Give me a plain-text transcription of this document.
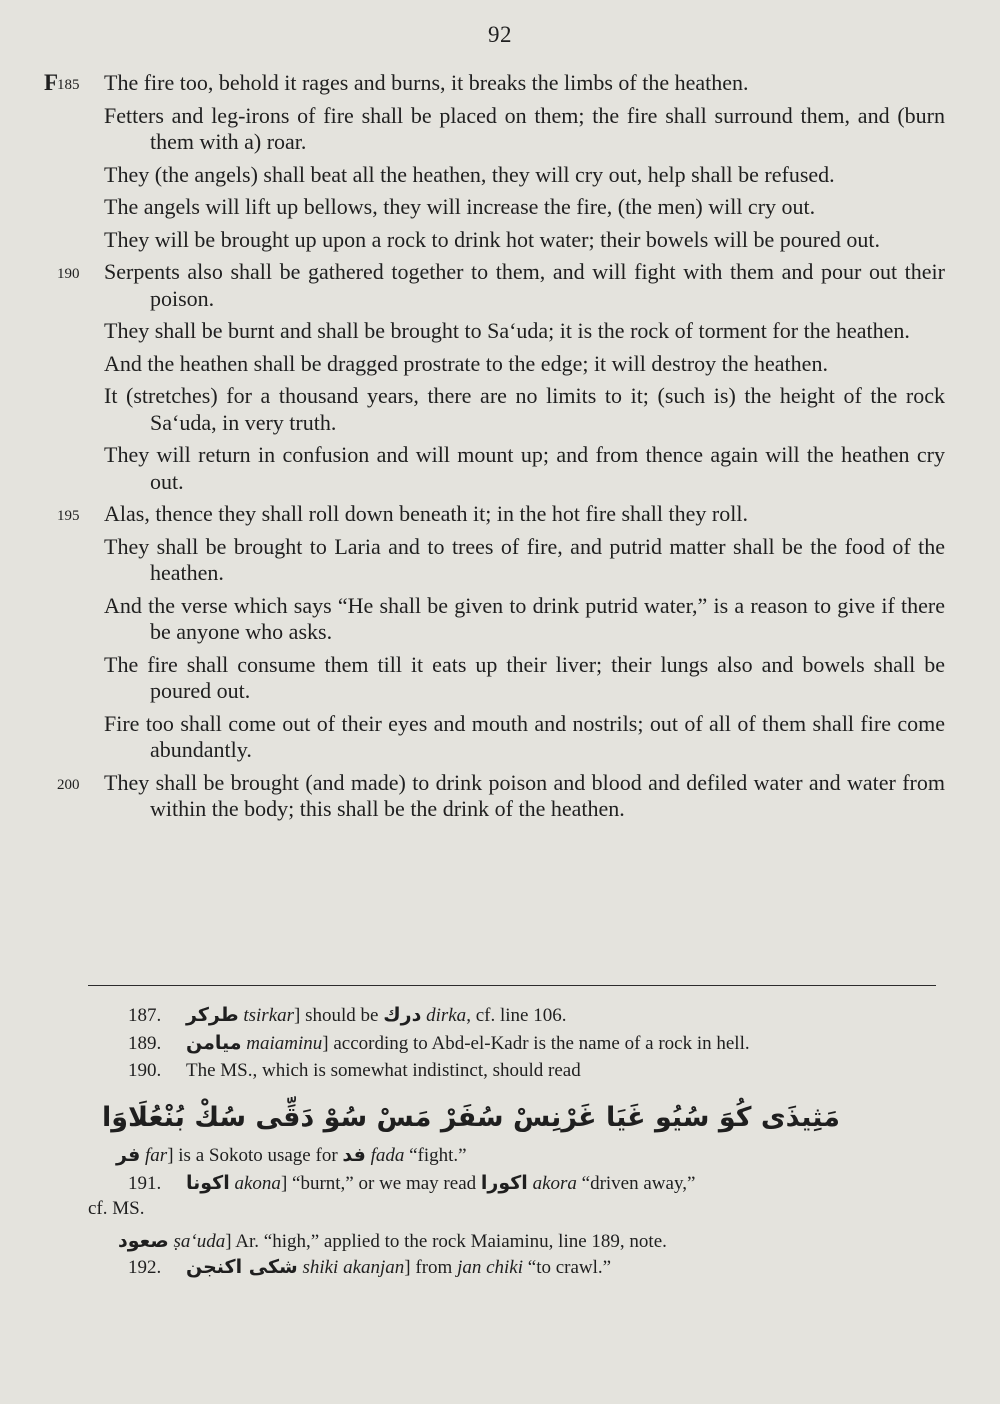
92
F
185 The fire too, behold it rages and burns, it breaks the limbs of the heathen.
Fetters and leg-irons of fire shall be placed on them; the fire shall surround them, and (burn them with a) roar.
They (the angels) shall beat all the heathen, they will cry out, help shall be refused.
The angels will lift up bellows, they will increase the fire, (the men) will cry out.
They will be brought up upon a rock to drink hot water; their bowels will be poured out.
190 Serpents also shall be gathered together to them, and will fight with them and pour out their poison.
They shall be burnt and shall be brought to Sa‘uda; it is the rock of torment for the heathen.
And the heathen shall be dragged prostrate to the edge; it will destroy the heathen.
It (stretches) for a thousand years, there are no limits to it; (such is) the height of the rock Sa‘uda, in very truth.
They will return in confusion and will mount up; and from thence again will the heathen cry out.
195 Alas, thence they shall roll down beneath it; in the hot fire shall they roll.
They shall be brought to Laria and to trees of fire, and putrid matter shall be the food of the heathen.
And the verse which says “He shall be given to drink putrid water,” is a reason to give if there be anyone who asks.
The fire shall consume them till it eats up their liver; their lungs also and bowels shall be poured out.
Fire too shall come out of their eyes and mouth and nostrils; out of all of them shall fire come abundantly.
200 They shall be brought (and made) to drink poison and blood and defiled water and water from within the body; this shall be the drink of the heathen.
187. طركر tsirkar] should be درك dirka, cf. line 106.
189. ميامن maiaminu] according to Abd-el-Kadr is the name of a rock in hell.
190. The MS., which is somewhat indistinct, should read
فر far] is a Sokoto usage for فد fada “fight.”
191. اكونا akona] “burnt,” or we may read اكورا akora “driven away,”
cf. MS.
صعود ṣa‘uda] Ar. “high,” applied to the rock Maiaminu, line 189, note.
192. شكى اكنجن shiki akanjan] from jan chiki “to crawl.”
مَثِيذَى كُوَ سُيُو غَيَا غَرْنِسْ سُفَرْ مَسْ سُوْ دَقِّى سُكْ بُنْعُلَاوَا
